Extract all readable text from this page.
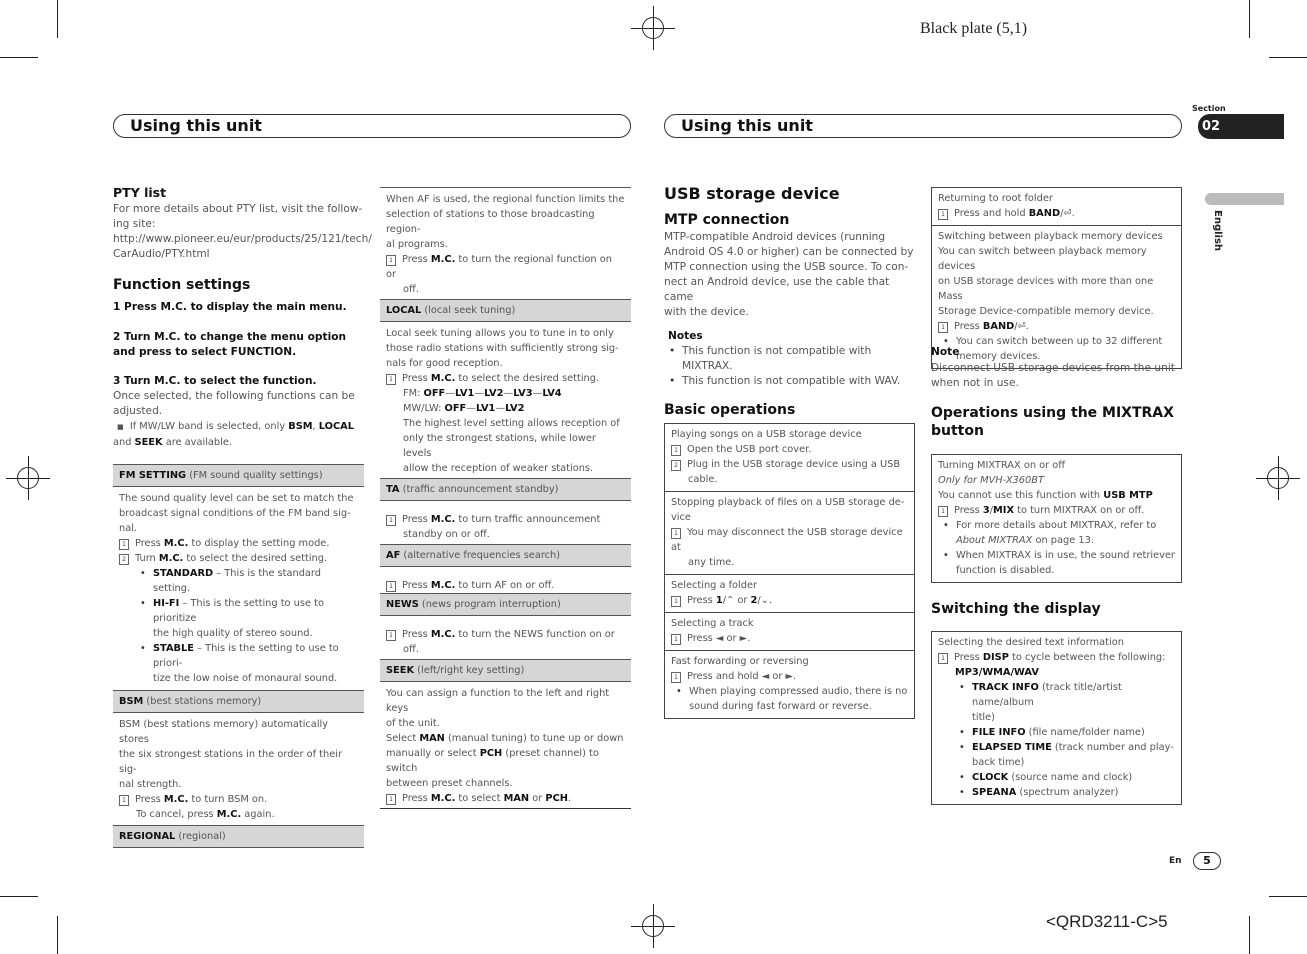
Black plate (5,1)
<QRD3211-C>5
Using this unit	Using this unit
Section
02
English
PTY list
For more details about PTY list, visit the follow-ing site:
http://www.pioneer.eu/eur/products/25/121/tech/
CarAudio/PTY.html
Function settings
1 Press M.C. to display the main menu.
2 Turn M.C. to change the menu option
and press to select FUNCTION.
3 Turn M.C. to select the function.
Once selected, the following functions can be
adjusted.
■ If MW/LW band is selected, only BSM, LOCAL
and SEEK are available.
FM SETTING (FM sound quality settings)
The sound quality level can be set to match the
broadcast signal conditions of the FM band sig-
nal.
1 Press M.C. to display the setting mode.
2 Turn M.C. to select the desired setting.
• STANDARD – This is the standard setting.
• HI-FI – This is the setting to use to prioritize
the high quality of stereo sound.
• STABLE – This is the setting to use to priori-
tize the low noise of monaural sound.
BSM (best stations memory)
BSM (best stations memory) automatically stores
the six strongest stations in the order of their sig-
nal strength.
1 Press M.C. to turn BSM on.
To cancel, press M.C. again.
REGIONAL (regional)
When AF is used, the regional function limits the
selection of stations to those broadcasting region-
al programs.
1 Press M.C. to turn the regional function on or
off.
LOCAL (local seek tuning)
Local seek tuning allows you to tune in to only
those radio stations with sufficiently strong sig-
nals for good reception.
1 Press M.C. to select the desired setting.
FM: OFF—LV1—LV2—LV3—LV4
MW/LW: OFF—LV1—LV2
The highest level setting allows reception of
only the strongest stations, while lower levels
allow the reception of weaker stations.
TA (traffic announcement standby)
1 Press M.C. to turn traffic announcement
standby on or off.
AF (alternative frequencies search)
1 Press M.C. to turn AF on or off.
NEWS (news program interruption)
1 Press M.C. to turn the NEWS function on or
off.
SEEK (left/right key setting)
You can assign a function to the left and right keys
of the unit.
Select MAN (manual tuning) to tune up or down
manually or select PCH (preset channel) to switch
between preset channels.
1 Press M.C. to select MAN or PCH.
USB storage device
MTP connection
MTP-compatible Android devices (running
Android OS 4.0 or higher) can be connected by
MTP connection using the USB source. To con-
nect an Android device, use the cable that came
with the device.
Notes
• This function is not compatible with
MIXTRAX.
• This function is not compatible with WAV.
Basic operations
Playing songs on a USB storage device
1 Open the USB port cover.
2 Plug in the USB storage device using a USB
cable.
Stopping playback of files on a USB storage de-
vice
1 You may disconnect the USB storage device at
any time.
Selecting a folder
1 Press 1/⌃ or 2/⌄.
Selecting a track
1 Press ◄ or ►.
Fast forwarding or reversing
1 Press and hold ◄ or ►.
• When playing compressed audio, there is no
sound during fast forward or reverse.
Returning to root folder
1 Press and hold BAND/⏎.
Switching between playback memory devices
You can switch between playback memory devices
on USB storage devices with more than one Mass
Storage Device-compatible memory device.
1 Press BAND/⏎.
• You can switch between up to 32 different
memory devices.
Note
Disconnect USB storage devices from the unit
when not in use.
Operations using the MIXTRAX
button
Turning MIXTRAX on or off
Only for MVH-X360BT
You cannot use this function with USB MTP
1 Press 3/MIX to turn MIXTRAX on or off.
• For more details about MIXTRAX, refer to
About MIXTRAX on page 13.
• When MIXTRAX is in use, the sound retriever
function is disabled.
Switching the display
Selecting the desired text information
1 Press DISP to cycle between the following:
MP3/WMA/WAV
• TRACK INFO (track title/artist name/album
title)
• FILE INFO (file name/folder name)
• ELAPSED TIME (track number and play-
back time)
• CLOCK (source name and clock)
• SPEANA (spectrum analyzer)
En	5
